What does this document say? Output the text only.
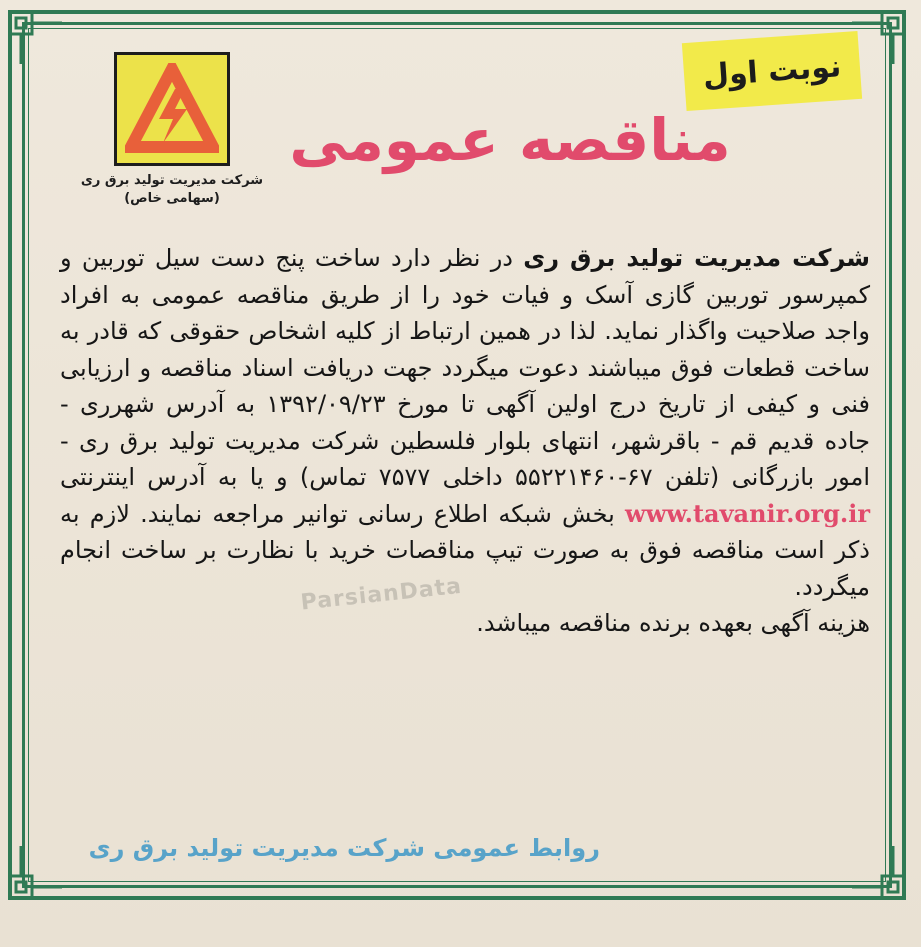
نوبت اول
مناقصه عمومی
شرکت مدیریت تولید برق ری
(سهامی خاص)
شرکت مدیریت تولید برق ری در نظر دارد ساخت پنج دست سیل توربین و کمپرسور توربین گازی آسک و فیات خود را از طریق مناقصه عمومی به افراد واجد صلاحیت واگذار نماید. لذا در همین ارتباط از کلیه اشخاص حقوقی که قادر به ساخت قطعات فوق میباشند دعوت میگردد جهت دریافت اسناد مناقصه و ارزیابی فنی و کیفی از تاریخ درج اولین آگهی تا مورخ ۱۳۹۲/۰۹/۲۳ به آدرس شهرری - جاده قدیم قم - باقرشهر، انتهای بلوار فلسطین شرکت مدیریت تولید برق ری - امور بازرگانی (تلفن ۶۷-۵۵۲۲۱۴۶۰ داخلی ۷۵۷۷ تماس) و یا به آدرس اینترنتی www.tavanir.org.ir بخش شبکه اطلاع رسانی توانیر مراجعه نمایند. لازم به ذکر است مناقصه فوق به صورت تیپ مناقصات خرید با نظارت بر ساخت انجام میگردد.
هزینه آگهی بعهده برنده مناقصه میباشد.
ParsianData
روابط عمومی شرکت مدیریت تولید برق ری
